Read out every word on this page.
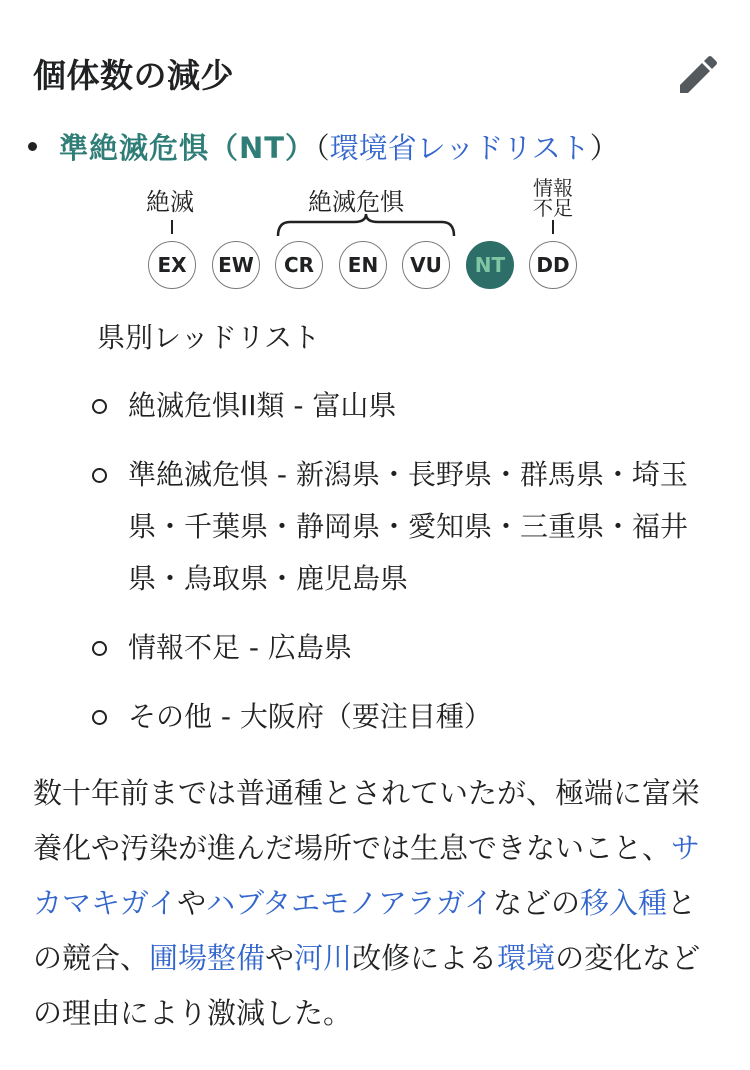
個体数の減少
準絶滅危惧（NT）（環境省レッドリスト）
絶滅	絶滅危惧	情報不足
EX	EW	CR	EN	VU	NT	DD
県別レッドリスト
絶滅危惧II類 - 富山県
準絶滅危惧 - 新潟県・長野県・群馬県・埼玉県・千葉県・静岡県・愛知県・三重県・福井県・鳥取県・鹿児島県
情報不足 - 広島県
その他 - 大阪府（要注目種）

数十年前までは普通種とされていたが、極端に富栄養化や汚染が進んだ場所では生息できないこと、サカマキガイやハブタエモノアラガイなどの移入種との競合、圃場整備や河川改修による環境の変化などの理由により激減した。
